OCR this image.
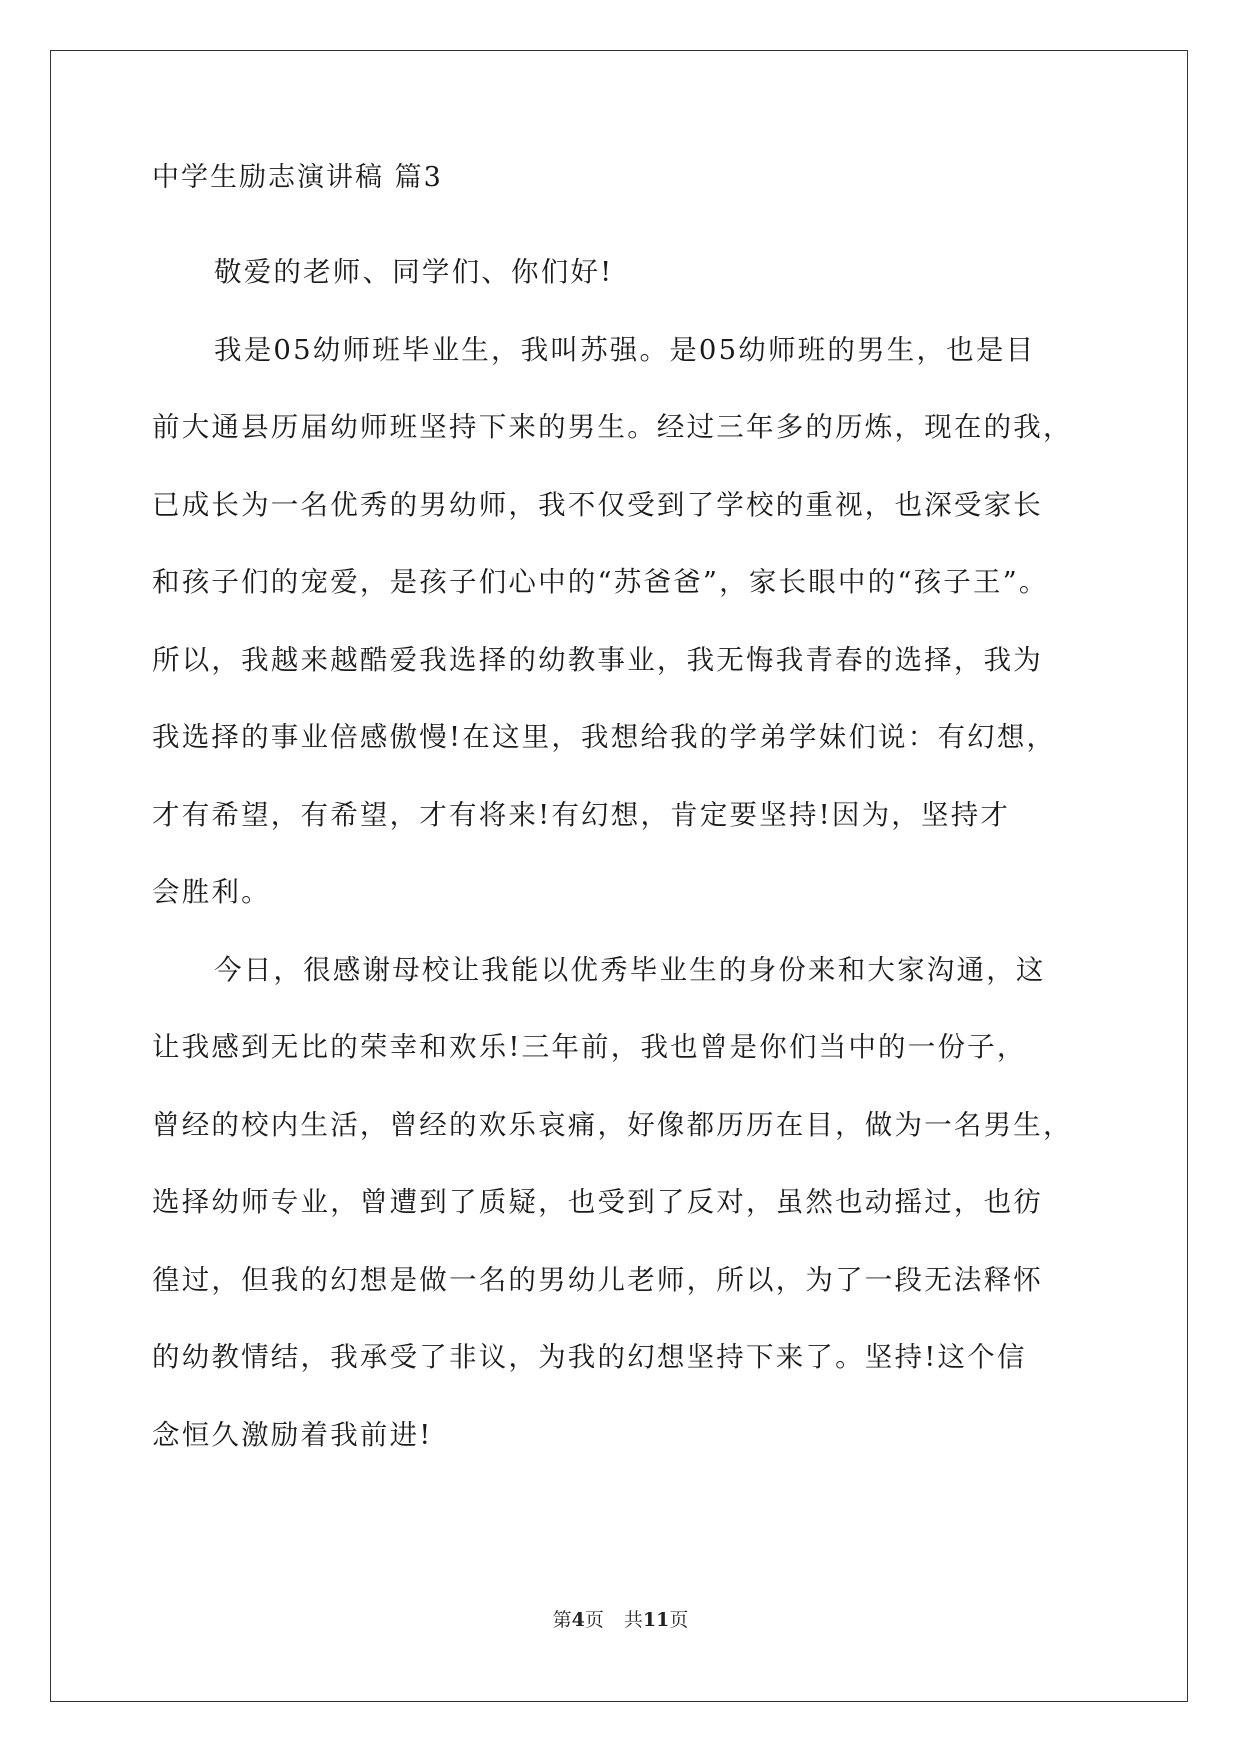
中学生励志演讲稿 篇3
敬爱的老师、同学们、你们好!
我是05幼师班毕业生，我叫苏强。是05幼师班的男生，也是目
前大通县历届幼师班坚持下来的男生。经过三年多的历炼，现在的我，
已成长为一名优秀的男幼师，我不仅受到了学校的重视，也深受家长
和孩子们的宠爱，是孩子们心中的“苏爸爸”，家长眼中的“孩子王”。
所以，我越来越酷爱我选择的幼教事业，我无悔我青春的选择，我为
我选择的事业倍感傲慢!在这里，我想给我的学弟学妹们说：有幻想，
才有希望，有希望，才有将来!有幻想，肯定要坚持!因为，坚持才
会胜利。
今日，很感谢母校让我能以优秀毕业生的身份来和大家沟通，这
让我感到无比的荣幸和欢乐!三年前，我也曾是你们当中的一份子，
曾经的校内生活，曾经的欢乐哀痛，好像都历历在目，做为一名男生，
选择幼师专业，曾遭到了质疑，也受到了反对，虽然也动摇过，也彷
徨过，但我的幻想是做一名的男幼儿老师，所以，为了一段无法释怀
的幼教情结，我承受了非议，为我的幻想坚持下来了。坚持!这个信
念恒久激励着我前进!
第4页 共11页
